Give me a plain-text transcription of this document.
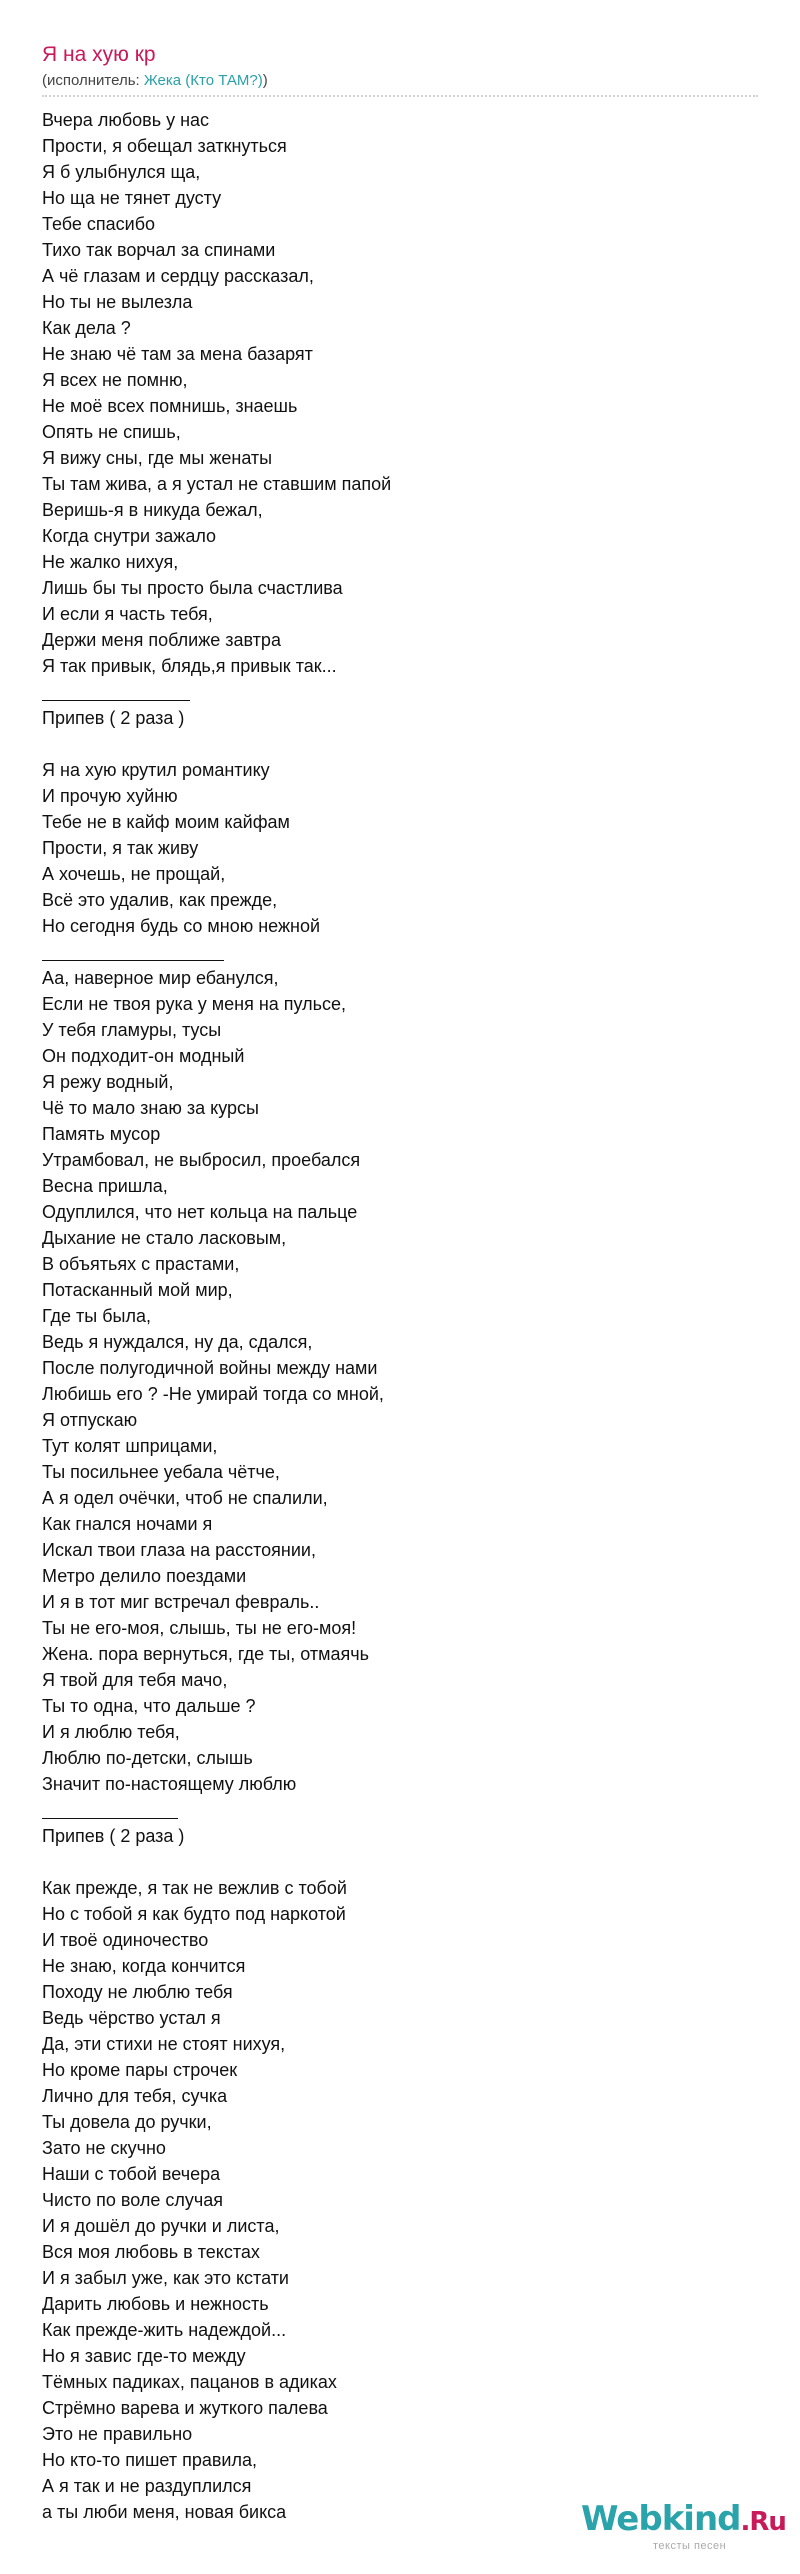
Я на хую кр
(исполнитель: Жека (Кто ТАМ?))
Вчера любовь у нас
Прости, я обещал заткнуться
Я б улыбнулся ща,
Но ща не тянет дусту
Тебе спасибо
Тихо так ворчал за спинами
А чё глазам и сердцу рассказал,
Но ты не вылезла
Как дела ?
Не знаю чё там за мена базарят
Я всех не помню,
Не моё всех помнишь, знаешь
Опять не спишь,
Я вижу сны, где мы женаты
Ты там жива, а я устал не ставшим папой
Веришь-я в никуда бежал,
Когда снутри зажало
Не жалко нихуя,
Лишь бы ты просто была счастлива
И если я часть тебя,
Держи меня поближе завтра
Я так привык, блядь,я привык так...
Припев ( 2 раза )
Я на хую крутил романтику
И прочую хуйню
Тебе не в кайф моим кайфам
Прости, я так живу
А хочешь, не прощай,
Всё это удалив, как прежде,
Но сегодня будь со мною нежной
Аа, наверное мир ебанулся,
Если не твоя рука у меня на пульсе,
У тебя гламуры, тусы
Он подходит-он модный
Я режу водный,
Чё то мало знаю за курсы
Память мусор
Утрамбовал, не выбросил, проебался
Весна пришла,
Одуплился, что нет кольца на пальце
Дыхание не стало ласковым,
В объятьях с прастами,
Потасканный мой мир,
Где ты была,
Ведь я нуждался, ну да, сдался,
После полугодичной войны между нами
Любишь его ? -Не умирай тогда со мной,
Я отпускаю
Тут колят шприцами,
Ты посильнее уебала чётче,
А я одел очёчки, чтоб не спалили,
Как гнался ночами я
Искал твои глаза на расстоянии,
Метро делило поездами
И я в тот миг встречал февраль..
Ты не его-моя, слышь, ты не его-моя!
Жена. пора вернуться, где ты, отмаячь
Я твой для тебя мачо,
Ты то одна, что дальше ?
И я люблю тебя,
Люблю по-детски, слышь
Значит по-настоящему люблю
Припев ( 2 раза )
Как прежде, я так не вежлив с тобой
Но с тобой я как будто под наркотой
И твоё одиночество
Не знаю, когда кончится
Походу не люблю тебя
Ведь чёрство устал я
Да, эти стихи не стоят нихуя,
Но кроме пары строчек
Лично для тебя, сучка
Ты довела до ручки,
Зато не скучно
Наши с тобой вечера
Чисто по воле случая
И я дошёл до ручки и листа,
Вся моя любовь в текстах
И я забыл уже, как это кстати
Дарить любовь и нежность
Как прежде-жить надеждой...
Но я завис где-то между
Тёмных падиках, пацанов в адиках
Стрёмно варева и жуткого палева
Это не правильно
Но кто-то пишет правила,
А я так и не раздуплился
а ты люби меня, новая бикса	Webkind.Ru
тексты песен
